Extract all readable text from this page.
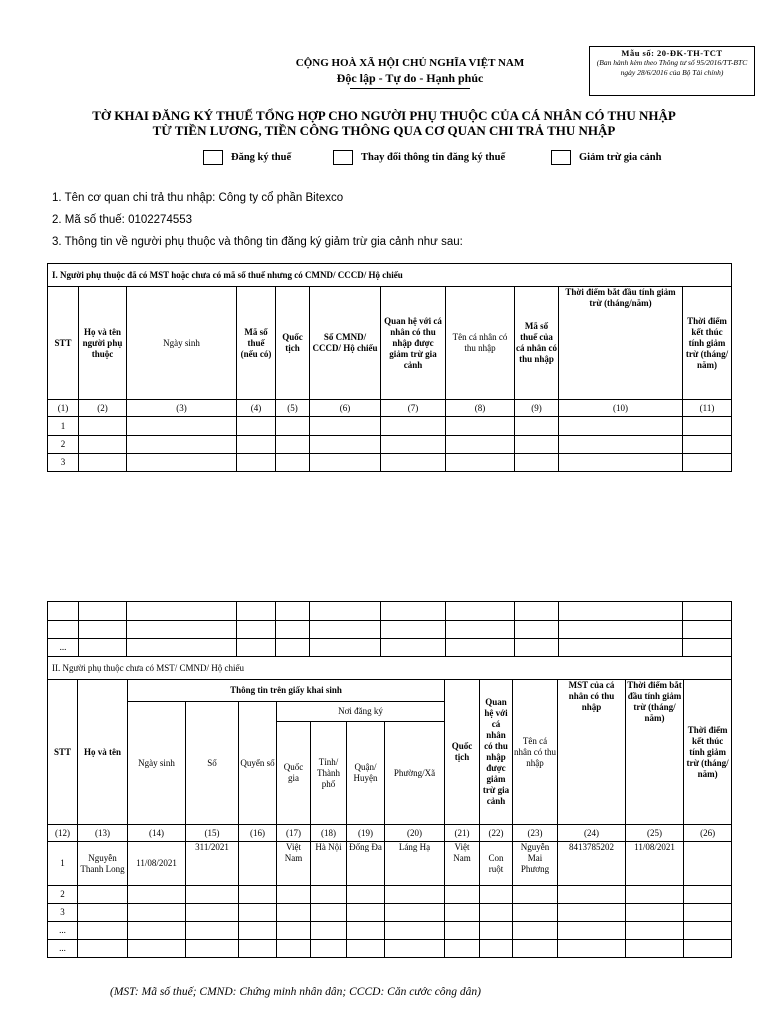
CỘNG HOÀ XÃ HỘI CHỦ NGHĨA VIỆT NAM
Độc lập - Tự do - Hạnh phúc
Mẫu số: 20-ĐK-TH-TCT
(Ban hành kèm theo Thông tư số 95/2016/TT-BTC ngày 28/6/2016 của Bộ Tài chính)
TỜ KHAI ĐĂNG KÝ THUẾ TỔNG HỢP CHO NGƯỜI PHỤ THUỘC CỦA CÁ NHÂN CÓ THU NHẬP
TỪ TIỀN LƯƠNG, TIỀN CÔNG THÔNG QUA CƠ QUAN CHI TRẢ THU NHẬP
Đăng ký thuế	Thay đổi thông tin đăng ký thuế	Giảm trừ gia cảnh
1. Tên cơ quan chi trả thu nhập: Công ty cổ phần Bitexco
2. Mã số thuế: 0102274553
3. Thông tin về người phụ thuộc và thông tin đăng ký giảm trừ gia cảnh như sau:
I. Người phụ thuộc đã có MST hoặc chưa có mã số thuế nhưng có CMND/ CCCD/ Hộ chiếu										
STT	Họ và tên người phụ thuộc	Ngày sinh	Mã số thuế (nếu có)	Quốc tịch	Số CMND/ CCCD/ Hộ chiếu	Quan hệ với cá nhân có thu nhập được giảm trừ gia cảnh	Tên cá nhân có thu nhập	Mã số thuế của cá nhân có thu nhập	Thời điểm bắt đầu tính giảm trừ (tháng/năm)	Thời điểm kết thúc tính giảm trừ (tháng/ năm)
(1)	(2)	(3)	(4)	(5)	(6)	(7)	(8)	(9)	(10)	(11)
1										
2										
3										

...										
II. Người phụ thuộc chưa có MST/ CMND/ Hộ chiếu														
STT	Họ và tên	Thông tin trên giấy khai sinh							Quốc tịch	Quan hệ với cá nhân có thu nhập được giảm trừ gia cảnh	Tên cá nhân có thu nhập	MST của cá nhân có thu nhập	Thời điểm bắt đầu tính giảm trừ (tháng/ năm)	Thời điểm kết thúc tính giảm trừ (tháng/ năm)
		Ngày sinh	Số	Quyển số	Nơi đăng ký									
					Quốc gia	Tỉnh/ Thành phố	Quận/ Huyện	Phường/Xã						
(12)	(13)	(14)	(15)	(16)	(17)	(18)	(19)	(20)	(21)	(22)	(23)	(24)	(25)	(26)
1	Nguyễn Thanh Long	11/08/2021	311/2021		Việt Nam	Hà Nội	Đống Đa	Láng Hạ	Việt Nam	Con ruột	Nguyễn Mai Phương	8413785202	11/08/2021	
2														
3														
...														
...														
(MST: Mã số thuế; CMND: Chứng minh nhân dân; CCCD: Căn cước công dân)
